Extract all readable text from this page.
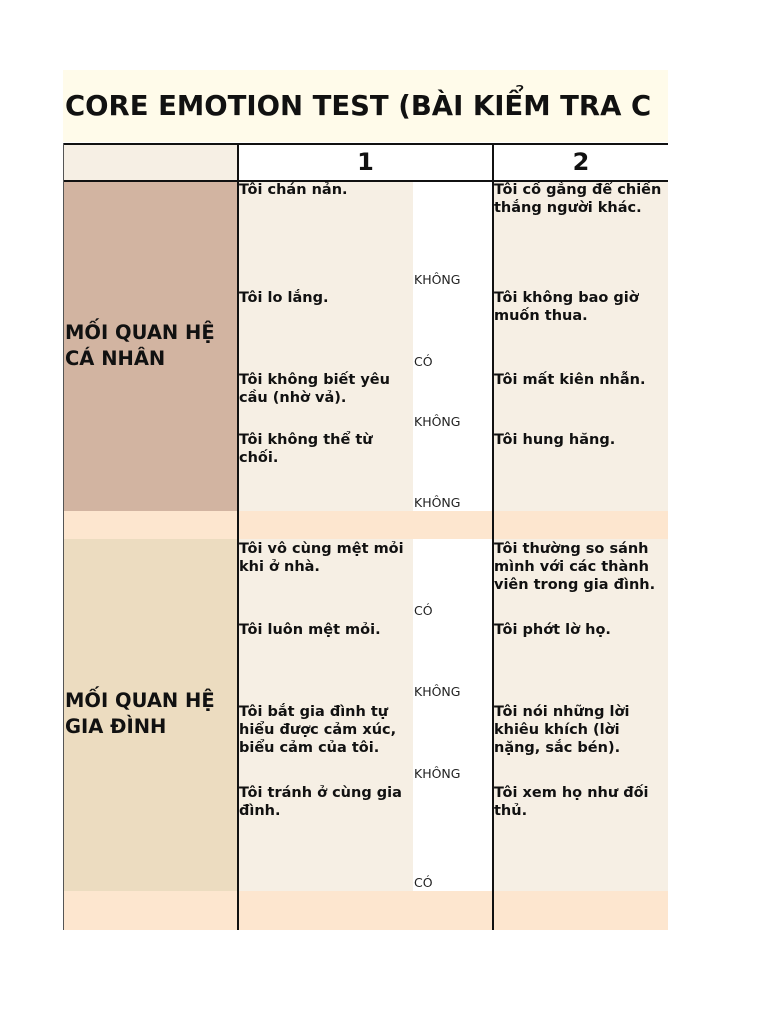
CORE EMOTION TEST (BÀI KIỂM TRA C
1	2
MỐI QUAN HỆ CÁ NHÂN
MỐI QUAN HỆ GIA ĐÌNH
Tôi chán nản.
Tôi lo lắng.
Tôi không biết yêu cầu (nhờ vả).
Tôi không thể từ chối.
KHÔNG
CÓ
KHÔNG
KHÔNG
Tôi cố gắng để chiến thắng người khác.
Tôi không bao giờ muốn thua.
Tôi mất kiên nhẫn.
Tôi hung hăng.
Tôi vô cùng mệt mỏi khi ở nhà.
Tôi luôn mệt mỏi.
Tôi bắt gia đình tự hiểu được cảm xúc, biểu cảm của tôi.
Tôi tránh ở cùng gia đình.
CÓ
KHÔNG
KHÔNG
CÓ
Tôi thường so sánh mình với các thành viên trong gia đình.
Tôi phớt lờ họ.
Tôi nói những lời khiêu khích (lời nặng, sắc bén).
Tôi xem họ như đối thủ.
